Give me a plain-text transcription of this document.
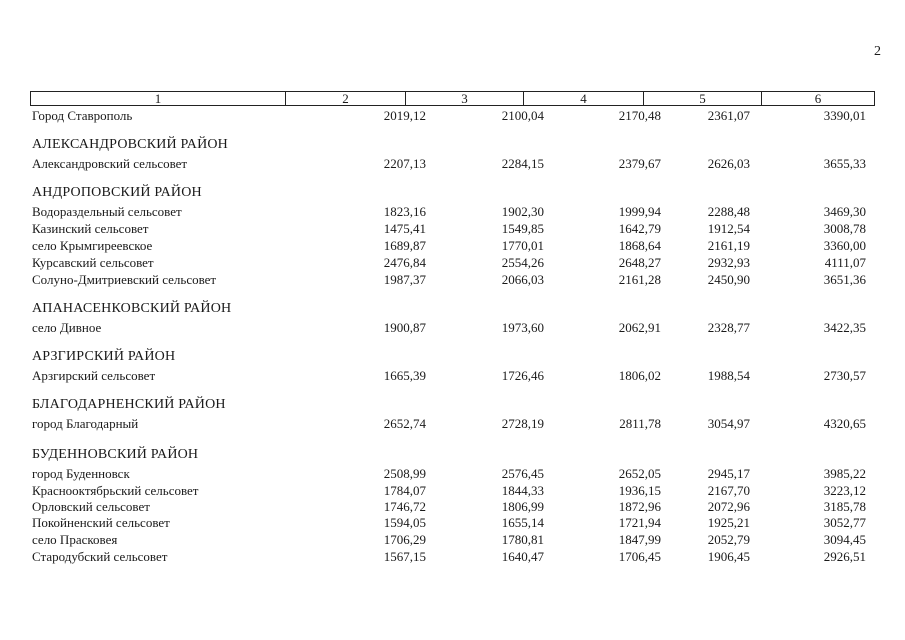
2
1	2	3	4	5	6
Город Ставрополь	2019,12	2100,04	2170,48	2361,07	3390,01
АЛЕКСАНДРОВСКИЙ РАЙОН
Александровский сельсовет	2207,13	2284,15	2379,67	2626,03	3655,33
АНДРОПОВСКИЙ РАЙОН
Водораздельный сельсовет	1823,16	1902,30	1999,94	2288,48	3469,30
Казинский сельсовет	1475,41	1549,85	1642,79	1912,54	3008,78
село Крымгиреевское	1689,87	1770,01	1868,64	2161,19	3360,00
Курсавский сельсовет	2476,84	2554,26	2648,27	2932,93	4111,07
Солуно-Дмитриевский сельсовет	1987,37	2066,03	2161,28	2450,90	3651,36
АПАНАСЕНКОВСКИЙ РАЙОН
село Дивное	1900,87	1973,60	2062,91	2328,77	3422,35
АРЗГИРСКИЙ РАЙОН
Арзгирский сельсовет	1665,39	1726,46	1806,02	1988,54	2730,57
БЛАГОДАРНЕНСКИЙ РАЙОН
город Благодарный	2652,74	2728,19	2811,78	3054,97	4320,65
БУДЕННОВСКИЙ РАЙОН
город Буденновск	2508,99	2576,45	2652,05	2945,17	3985,22
Краснооктябрьский сельсовет	1784,07	1844,33	1936,15	2167,70	3223,12
Орловский сельсовет	1746,72	1806,99	1872,96	2072,96	3185,78
Покойненский сельсовет	1594,05	1655,14	1721,94	1925,21	3052,77
село Прасковея	1706,29	1780,81	1847,99	2052,79	3094,45
Стародубский сельсовет	1567,15	1640,47	1706,45	1906,45	2926,51
